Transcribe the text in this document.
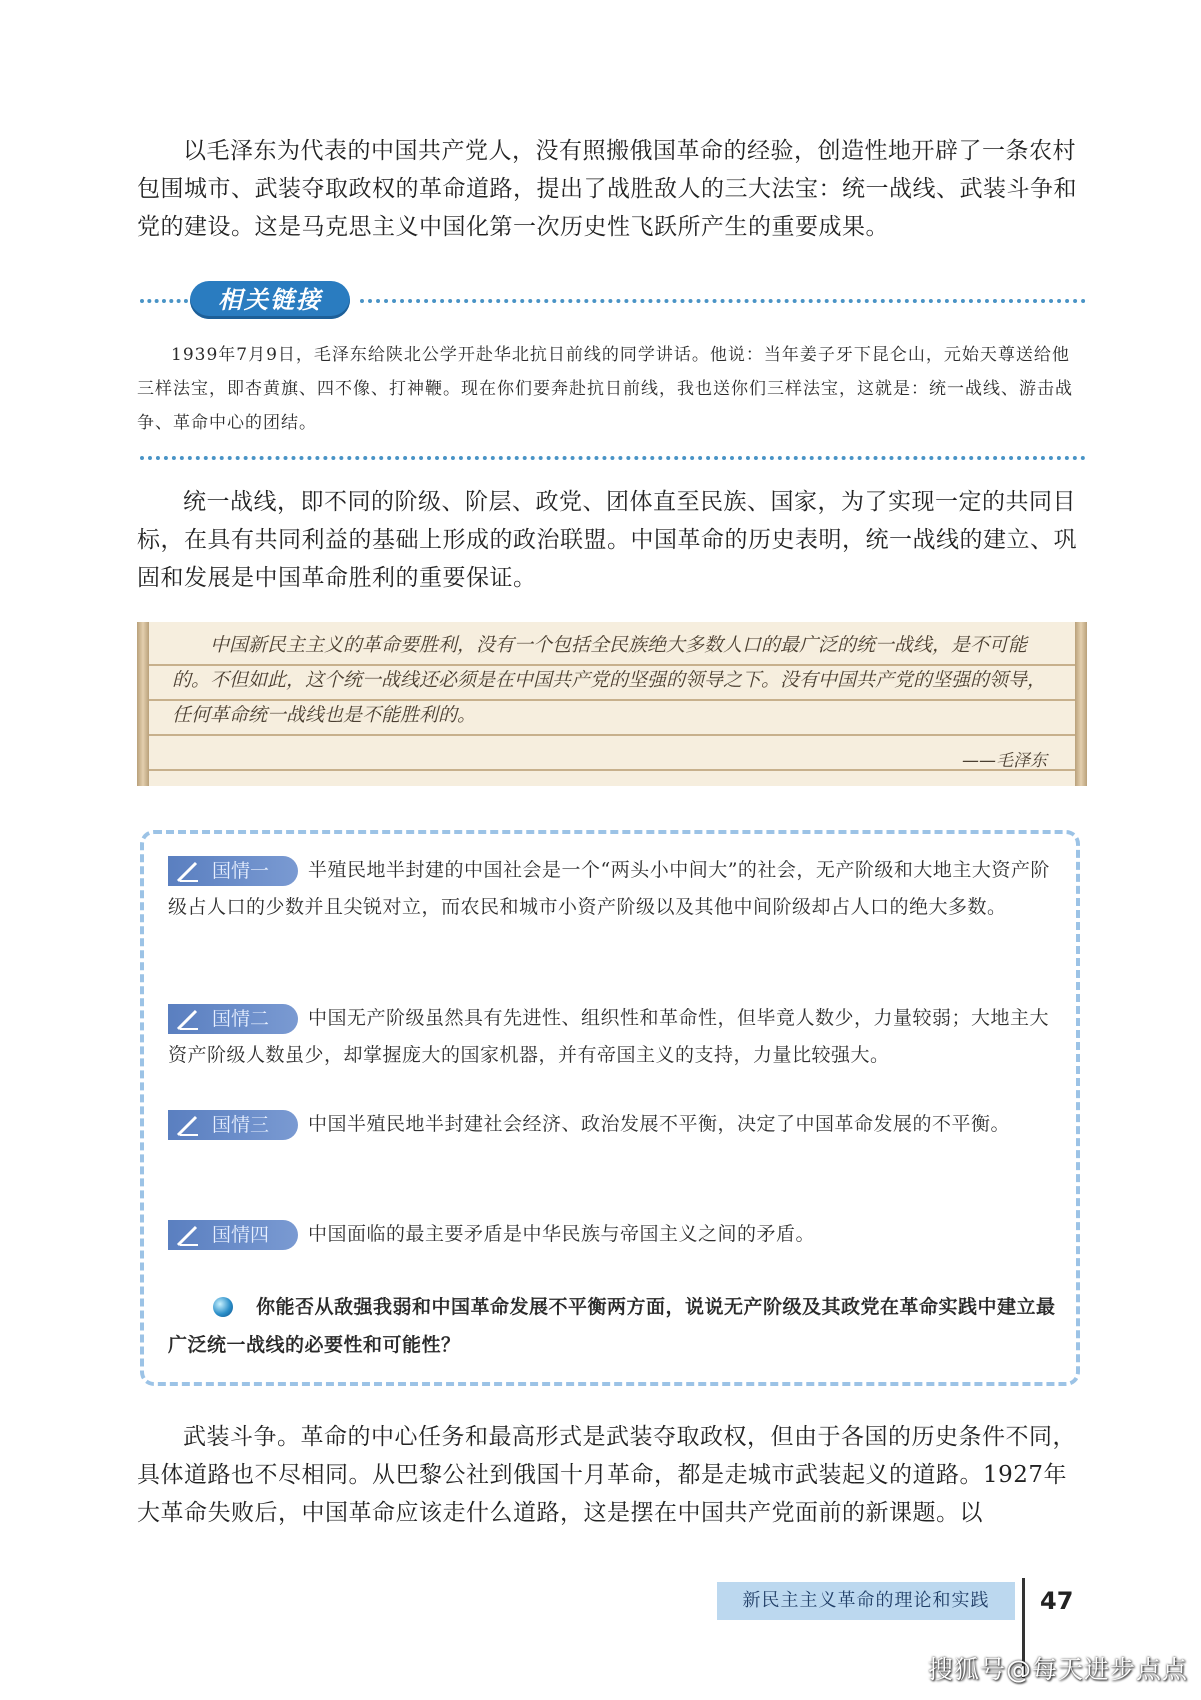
以毛泽东为代表的中国共产党人，没有照搬俄国革命的经验，创造性地开辟了一条农村包围城市、武装夺取政权的革命道路，提出了战胜敌人的三大法宝：统一战线、武装斗争和党的建设。这是马克思主义中国化第一次历史性飞跃所产生的重要成果。

相关链接

1939年7月9日，毛泽东给陕北公学开赴华北抗日前线的同学讲话。他说：当年姜子牙下昆仑山，元始天尊送给他三样法宝，即杏黄旗、四不像、打神鞭。现在你们要奔赴抗日前线，我也送你们三样法宝，这就是：统一战线、游击战争、革命中心的团结。

统一战线，即不同的阶级、阶层、政党、团体直至民族、国家，为了实现一定的共同目标，在具有共同利益的基础上形成的政治联盟。中国革命的历史表明，统一战线的建立、巩固和发展是中国革命胜利的重要保证。

中国新民主主义的革命要胜利，没有一个包括全民族绝大多数人口的最广泛的统一战线，是不可能的。不但如此，这个统一战线还必须是在中国共产党的坚强的领导之下。没有中国共产党的坚强的领导，任何革命统一战线也是不能胜利的。

——毛泽东
国情一	半殖民地半封建的中国社会是一个“两头小中间大”的社会，无产阶级和大地主大资产阶级占人口的少数并且尖锐对立，而农民和城市小资产阶级以及其他中间阶级却占人口的绝大多数。

国情二	中国无产阶级虽然具有先进性、组织性和革命性，但毕竟人数少，力量较弱；大地主大资产阶级人数虽少，却掌握庞大的国家机器，并有帝国主义的支持，力量比较强大。

国情三	中国半殖民地半封建社会经济、政治发展不平衡，决定了中国革命发展的不平衡。

国情四	中国面临的最主要矛盾是中华民族与帝国主义之间的矛盾。

你能否从敌强我弱和中国革命发展不平衡两方面，说说无产阶级及其政党在革命实践中建立最广泛统一战线的必要性和可能性？

武装斗争。革命的中心任务和最高形式是武装夺取政权，但由于各国的历史条件不同，具体道路也不尽相同。从巴黎公社到俄国十月革命，都是走城市武装起义的道路。1927年大革命失败后，中国革命应该走什么道路，这是摆在中国共产党面前的新课题。以

新民主主义革命的理论和实践	47
搜狐号@每天进步点点
